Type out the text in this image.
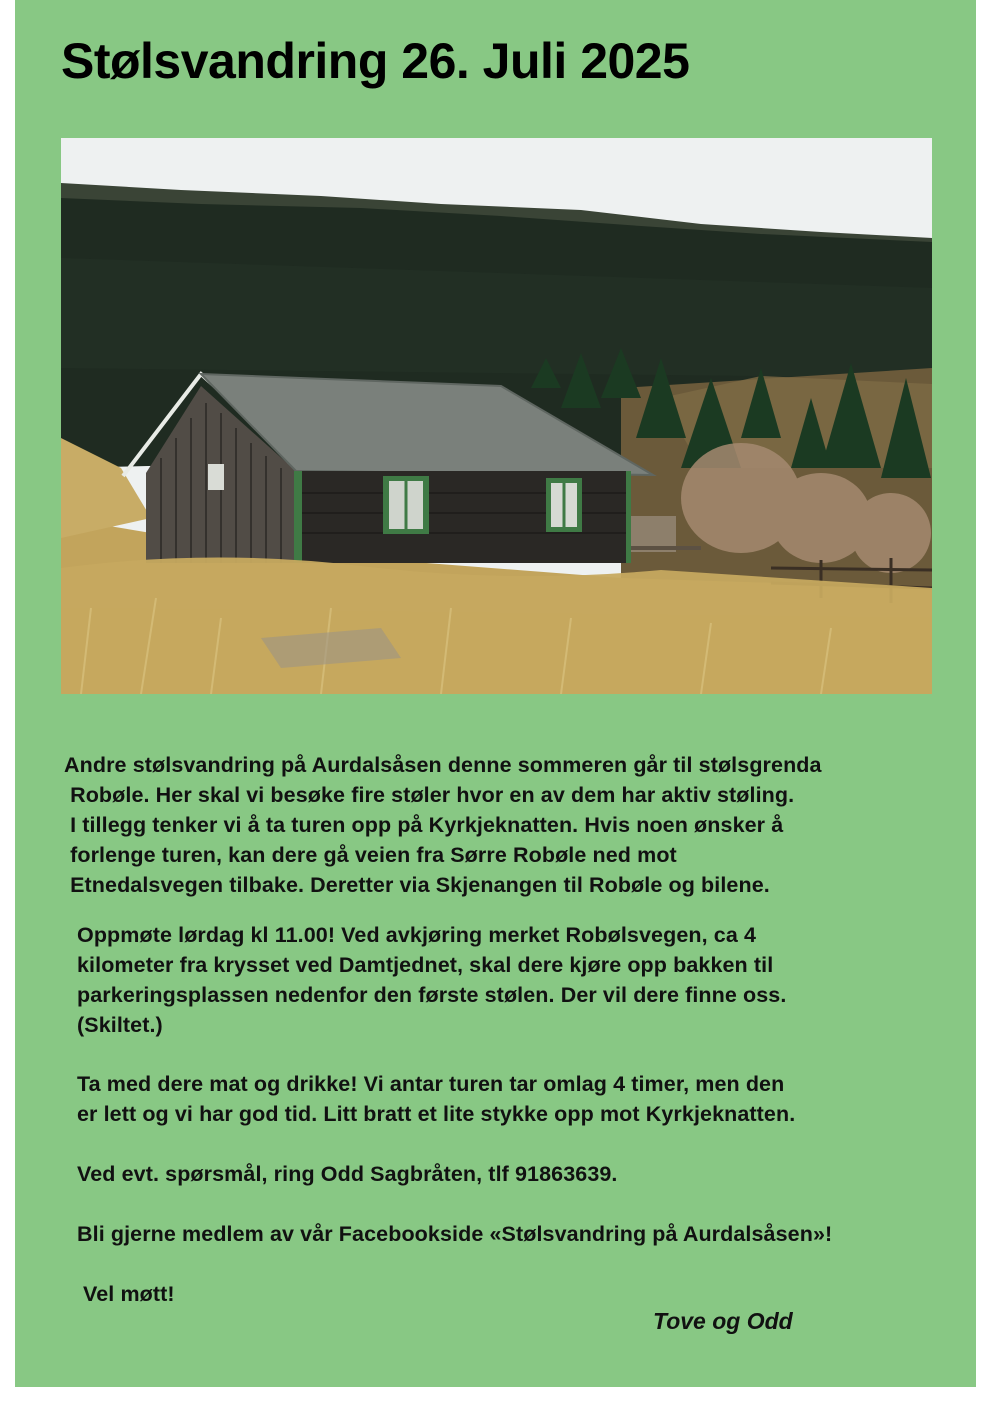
Stølsvandring 26. Juli 2025

Andre stølsvandring på Aurdalsåsen denne sommeren går til stølsgrenda
Robøle. Her skal vi besøke fire støler hvor en av dem har aktiv støling.
I tillegg tenker vi å ta turen opp på Kyrkjeknatten. Hvis noen ønsker å
forlenge turen, kan dere gå veien fra Sørre Robøle ned mot
Etnedalsvegen tilbake. Deretter via Skjenangen til Robøle og bilene.

Oppmøte lørdag kl 11.00! Ved avkjøring merket Robølsvegen, ca 4
kilometer fra krysset ved Damtjednet, skal dere kjøre opp bakken til
parkeringsplassen nedenfor den første stølen. Der vil dere finne oss.
(Skiltet.)

Ta med dere mat og drikke! Vi antar turen tar omlag 4 timer, men den
er lett og vi har god tid. Litt bratt et lite stykke opp mot Kyrkjeknatten.

Ved evt. spørsmål, ring Odd Sagbråten, tlf 91863639.

Bli gjerne medlem av vår Facebookside «Stølsvandring på Aurdalsåsen»!

Vel møtt!

Tove og Odd
